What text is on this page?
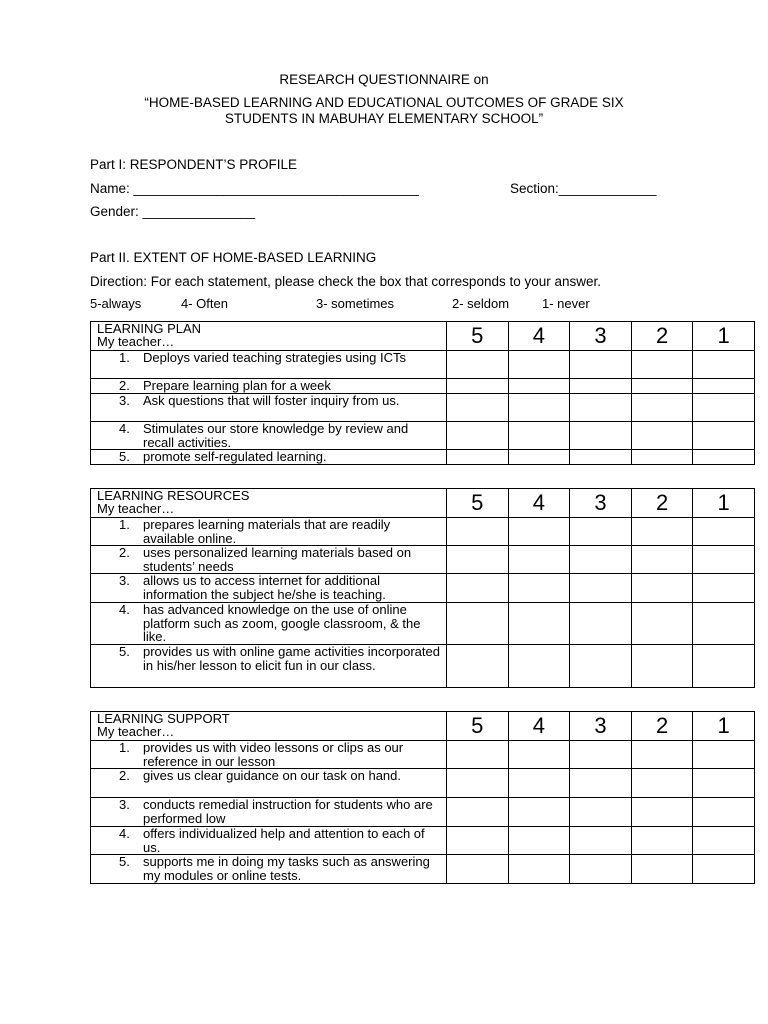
RESEARCH QUESTIONNAIRE on
“HOME-BASED LEARNING AND EDUCATIONAL OUTCOMES OF GRADE SIX
STUDENTS IN MABUHAY ELEMENTARY SCHOOL”
Part I: RESPONDENT’S PROFILE
Name: ______________________________________	Section:_____________
Gender: _______________
Part II. EXTENT OF HOME-BASED LEARNING
Direction: For each statement, please check the box that corresponds to your answer.
5-always	4- Often	3- sometimes	2- seldom	1- never
LEARNING PLAN
My teacher…	5	4	3	2	1

1. Deploys varied teaching strategies using ICTs					

2. Prepare learning plan for a week					

3. Ask questions that will foster inquiry from us.					

4. Stimulates our store knowledge by review and recall activities.					

5. promote self-regulated learning.					

LEARNING RESOURCES
My teacher…	5	4	3	2	1

1. prepares learning materials that are readily available online.					

2. uses personalized learning materials based on students’ needs					

3. allows us to access internet for additional information the subject he/she is teaching.					

4. has advanced knowledge on the use of online platform such as zoom, google classroom, & the like.					

5. provides us with online game activities incorporated in his/her lesson to elicit fun in our class.					

LEARNING SUPPORT
My teacher…	5	4	3	2	1

1. provides us with video lessons or clips as our reference in our lesson					

2. gives us clear guidance on our task on hand.					

3. conducts remedial instruction for students who are performed low					

4. offers individualized help and attention to each of us.					

5. supports me in doing my tasks such as answering my modules or online tests.					
